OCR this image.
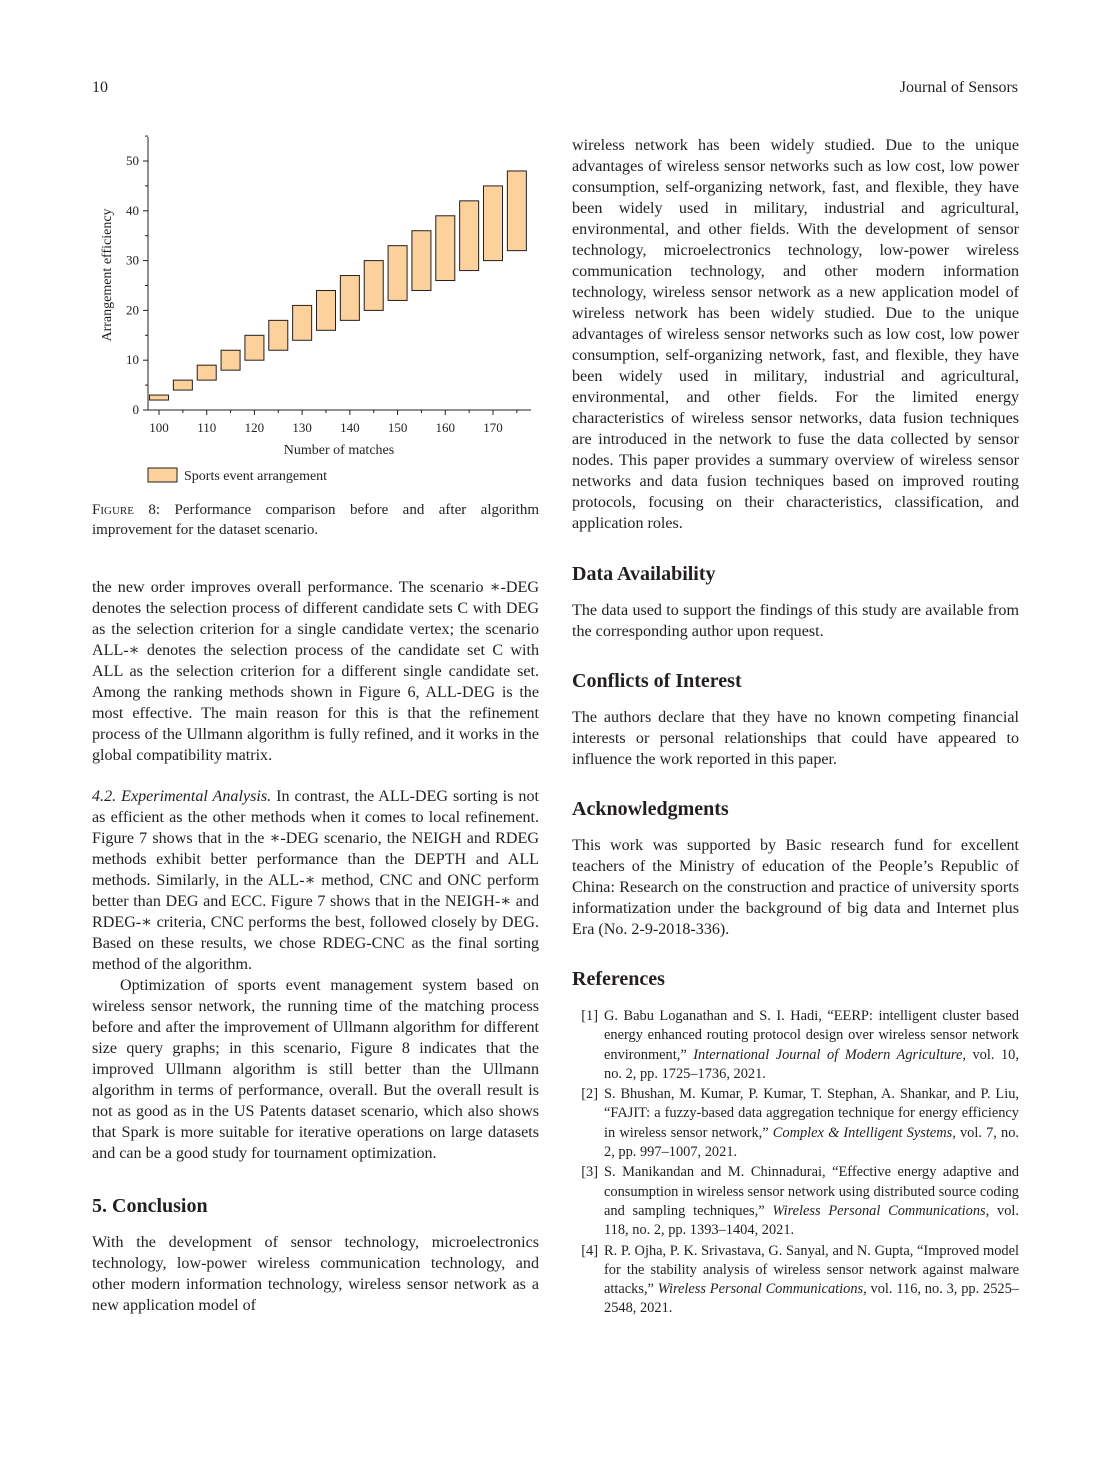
10	Journal of Sensors
0
10
20
30
40
50
100 110 120 130 140 150 160 170
Arrangement efficiency
Number of matches
Sports event arrangement
Figure 8: Performance comparison before and after algorithm improvement for the dataset scenario.

the new order improves overall performance. The scenario ∗-DEG denotes the selection process of different candidate sets C with DEG as the selection criterion for a single candidate vertex; the scenario ALL-∗ denotes the selection process of the candidate set C with ALL as the selection criterion for a different single candidate set. Among the ranking methods shown in Figure 6, ALL-DEG is the most effective. The main reason for this is that the refinement process of the Ullmann algorithm is fully refined, and it works in the global compatibility matrix.

4.2. Experimental Analysis. In contrast, the ALL-DEG sorting is not as efficient as the other methods when it comes to local refinement. Figure 7 shows that in the ∗-DEG scenario, the NEIGH and RDEG methods exhibit better performance than the DEPTH and ALL methods. Similarly, in the ALL-∗ method, CNC and ONC perform better than DEG and ECC. Figure 7 shows that in the NEIGH-∗ and RDEG-∗ criteria, CNC performs the best, followed closely by DEG. Based on these results, we chose RDEG-CNC as the final sorting method of the algorithm.

Optimization of sports event management system based on wireless sensor network, the running time of the matching process before and after the improvement of Ullmann algorithm for different size query graphs; in this scenario, Figure 8 indicates that the improved Ullmann algorithm is still better than the Ullmann algorithm in terms of performance, overall. But the overall result is not as good as in the US Patents dataset scenario, which also shows that Spark is more suitable for iterative operations on large datasets and can be a good study for tournament optimization.

5. Conclusion

With the development of sensor technology, microelectronics technology, low-power wireless communication technology, and other modern information technology, wireless sensor network as a new application model of

wireless network has been widely studied. Due to the unique advantages of wireless sensor networks such as low cost, low power consumption, self-organizing network, fast, and flexible, they have been widely used in military, industrial and agricultural, environmental, and other fields. With the development of sensor technology, microelectronics technology, low-power wireless communication technology, and other modern information technology, wireless sensor network as a new application model of wireless network has been widely studied. Due to the unique advantages of wireless sensor networks such as low cost, low power consumption, self-organizing network, fast, and flexible, they have been widely used in military, industrial and agricultural, environmental, and other fields. For the limited energy characteristics of wireless sensor networks, data fusion techniques are introduced in the network to fuse the data collected by sensor nodes. This paper provides a summary overview of wireless sensor networks and data fusion techniques based on improved routing protocols, focusing on their characteristics, classification, and application roles.

Data Availability

The data used to support the findings of this study are available from the corresponding author upon request.

Conflicts of Interest

The authors declare that they have no known competing financial interests or personal relationships that could have appeared to influence the work reported in this paper.

Acknowledgments

This work was supported by Basic research fund for excellent teachers of the Ministry of education of the People’s Republic of China: Research on the construction and practice of university sports informatization under the background of big data and Internet plus Era (No. 2-9-2018-336).

References
[1] G. Babu Loganathan and S. I. Hadi, “EERP: intelligent cluster based energy enhanced routing protocol design over wireless sensor network environment,” International Journal of Modern Agriculture, vol. 10, no. 2, pp. 1725–1736, 2021.
[2] S. Bhushan, M. Kumar, P. Kumar, T. Stephan, A. Shankar, and P. Liu, “FAJIT: a fuzzy-based data aggregation technique for energy efficiency in wireless sensor network,” Complex & Intelligent Systems, vol. 7, no. 2, pp. 997–1007, 2021.
[3] S. Manikandan and M. Chinnadurai, “Effective energy adaptive and consumption in wireless sensor network using distributed source coding and sampling techniques,” Wireless Personal Communications, vol. 118, no. 2, pp. 1393–1404, 2021.
[4] R. P. Ojha, P. K. Srivastava, G. Sanyal, and N. Gupta, “Improved model for the stability analysis of wireless sensor network against malware attacks,” Wireless Personal Communications, vol. 116, no. 3, pp. 2525–2548, 2021.
